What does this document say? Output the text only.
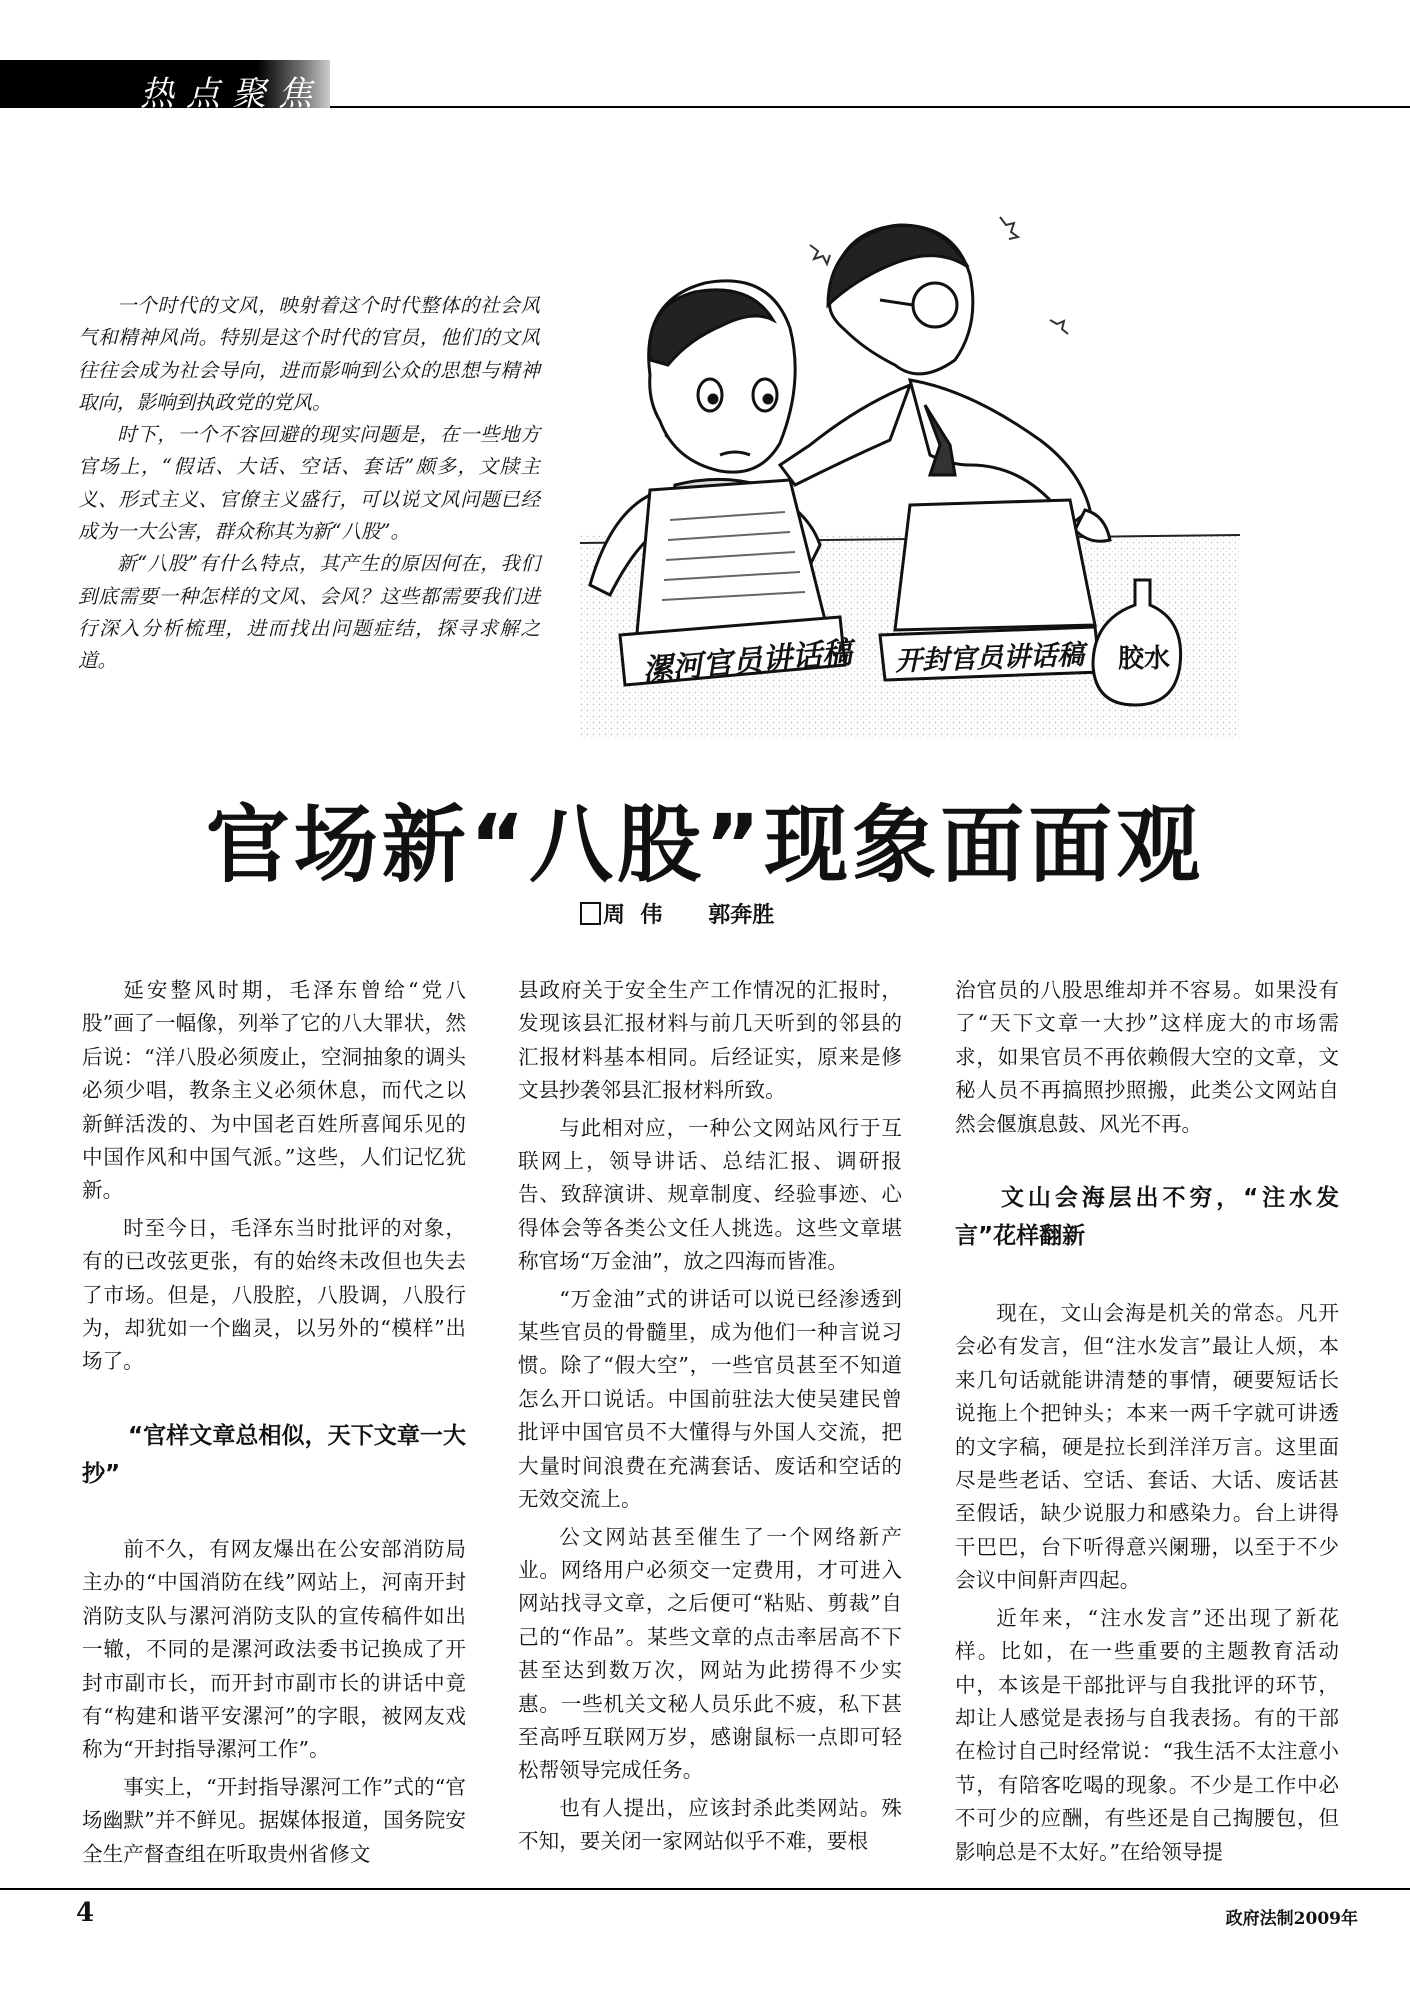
热点聚焦

一个时代的文风，映射着这个时代整体的社会风气和精神风尚。特别是这个时代的官员，他们的文风往往会成为社会导向，进而影响到公众的思想与精神取向，影响到执政党的党风。

时下，一个不容回避的现实问题是，在一些地方官场上，“假话、大话、空话、套话”颇多，文牍主义、形式主义、官僚主义盛行，可以说文风问题已经成为一大公害，群众称其为新“八股”。

新“八股”有什么特点，其产生的原因何在，我们到底需要一种怎样的文风、会风？这些都需要我们进行深入分析梳理，进而找出问题症结，探寻求解之道。	漯河官员讲话稿 开封官员讲话稿 胶水
官场新“八股”现象面面观
周  伟      郭奔胜

延安整风时期，毛泽东曾给“党八股”画了一幅像，列举了它的八大罪状，然后说：“洋八股必须废止，空洞抽象的调头必须少唱，教条主义必须休息，而代之以新鲜活泼的、为中国老百姓所喜闻乐见的中国作风和中国气派。”这些，人们记忆犹新。

时至今日，毛泽东当时批评的对象，有的已改弦更张，有的始终未改但也失去了市场。但是，八股腔，八股调，八股行为，却犹如一个幽灵，以另外的“模样”出场了。

“官样文章总相似，天下文章一大抄”

前不久，有网友爆出在公安部消防局主办的“中国消防在线”网站上，河南开封消防支队与漯河消防支队的宣传稿件如出一辙，不同的是漯河政法委书记换成了开封市副市长，而开封市副市长的讲话中竟有“构建和谐平安漯河”的字眼，被网友戏称为“开封指导漯河工作”。

事实上，“开封指导漯河工作”式的“官场幽默”并不鲜见。据媒体报道，国务院安全生产督查组在听取贵州省修文

县政府关于安全生产工作情况的汇报时，发现该县汇报材料与前几天听到的邻县的汇报材料基本相同。后经证实，原来是修文县抄袭邻县汇报材料所致。

与此相对应，一种公文网站风行于互联网上，领导讲话、总结汇报、调研报告、致辞演讲、规章制度、经验事迹、心得体会等各类公文任人挑选。这些文章堪称官场“万金油”，放之四海而皆准。

“万金油”式的讲话可以说已经渗透到某些官员的骨髓里，成为他们一种言说习惯。除了“假大空”，一些官员甚至不知道怎么开口说话。中国前驻法大使吴建民曾批评中国官员不大懂得与外国人交流，把大量时间浪费在充满套话、废话和空话的无效交流上。

公文网站甚至催生了一个网络新产业。网络用户必须交一定费用，才可进入网站找寻文章，之后便可“粘贴、剪裁”自己的“作品”。某些文章的点击率居高不下甚至达到数万次，网站为此捞得不少实惠。一些机关文秘人员乐此不疲，私下甚至高呼互联网万岁，感谢鼠标一点即可轻松帮领导完成任务。

也有人提出，应该封杀此类网站。殊不知，要关闭一家网站似乎不难，要根

治官员的八股思维却并不容易。如果没有了“天下文章一大抄”这样庞大的市场需求，如果官员不再依赖假大空的文章，文秘人员不再搞照抄照搬，此类公文网站自然会偃旗息鼓、风光不再。

文山会海层出不穷，“注水发言”花样翻新

现在，文山会海是机关的常态。凡开会必有发言，但“注水发言”最让人烦，本来几句话就能讲清楚的事情，硬要短话长说拖上个把钟头；本来一两千字就可讲透的文字稿，硬是拉长到洋洋万言。这里面尽是些老话、空话、套话、大话、废话甚至假话，缺少说服力和感染力。台上讲得干巴巴，台下听得意兴阑珊，以至于不少会议中间鼾声四起。

近年来，“注水发言”还出现了新花样。比如，在一些重要的主题教育活动中，本该是干部批评与自我批评的环节，却让人感觉是表扬与自我表扬。有的干部在检讨自己时经常说：“我生活不太注意小节，有陪客吃喝的现象。不少是工作中必不可少的应酬，有些还是自己掏腰包，但影响总是不太好。”在给领导提

4	政府法制2009年
